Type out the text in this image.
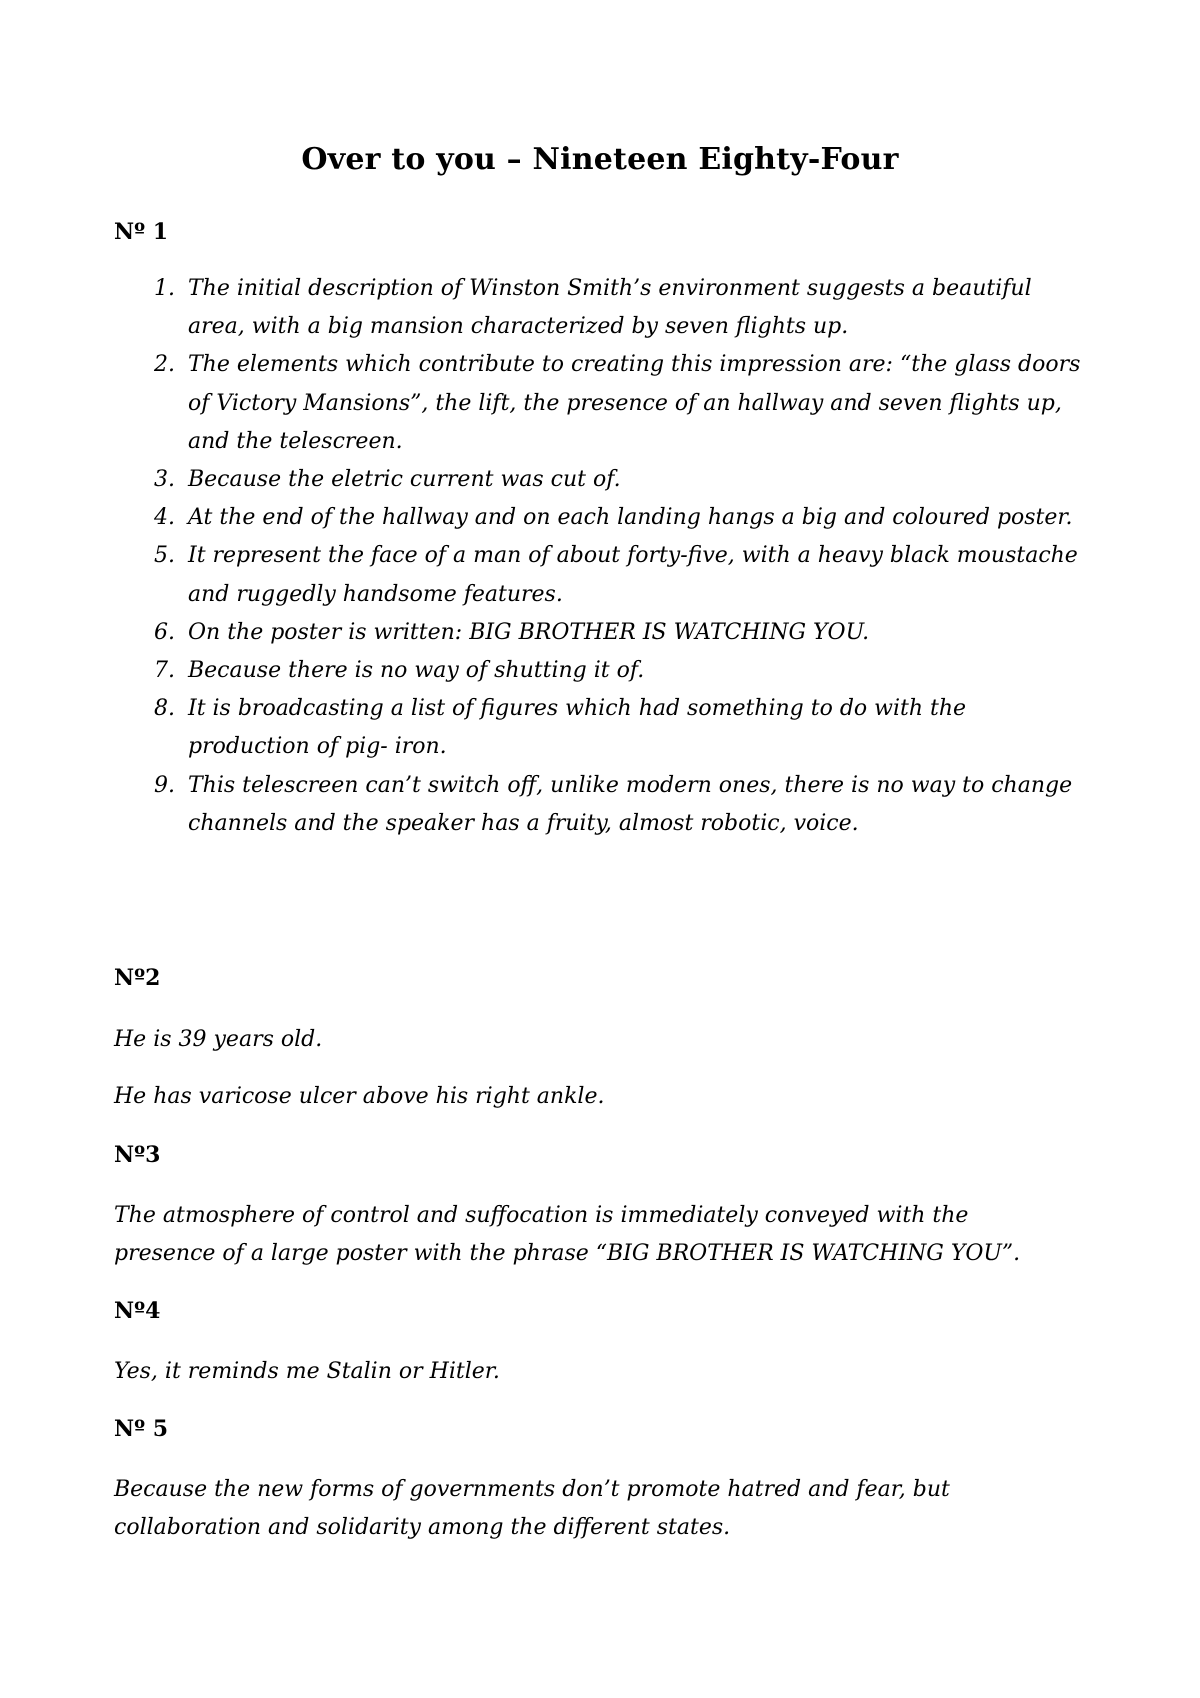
Over to you – Nineteen Eighty-Four
Nº 1
1. The initial description of Winston Smith’s environment suggests a beautiful area, with a big mansion characterized by seven flights up.
2. The elements which contribute to creating this impression are: “the glass doors of Victory Mansions”, the lift, the presence of an hallway and seven flights up, and the telescreen.
3. Because the eletric current was cut of.
4. At the end of the hallway and on each landing hangs a big and coloured poster.
5. It represent the face of a man of about forty-five, with a heavy black moustache and ruggedly handsome features.
6. On the poster is written: BIG BROTHER IS WATCHING YOU.
7. Because there is no way of shutting it of.
8. It is broadcasting a list of figures which had something to do with the production of pig- iron.
9. This telescreen can’t switch off, unlike modern ones, there is no way to change channels and the speaker has a fruity, almost robotic, voice.
Nº2

He is 39 years old.

He has varicose ulcer above his right ankle.

Nº3

The atmosphere of control and suffocation is immediately conveyed with the presence of a large poster with the phrase “BIG BROTHER IS WATCHING YOU”.

Nº4

Yes, it reminds me Stalin or Hitler.

Nº 5

Because the new forms of governments don’t promote hatred and fear, but collaboration and solidarity among the different states.
